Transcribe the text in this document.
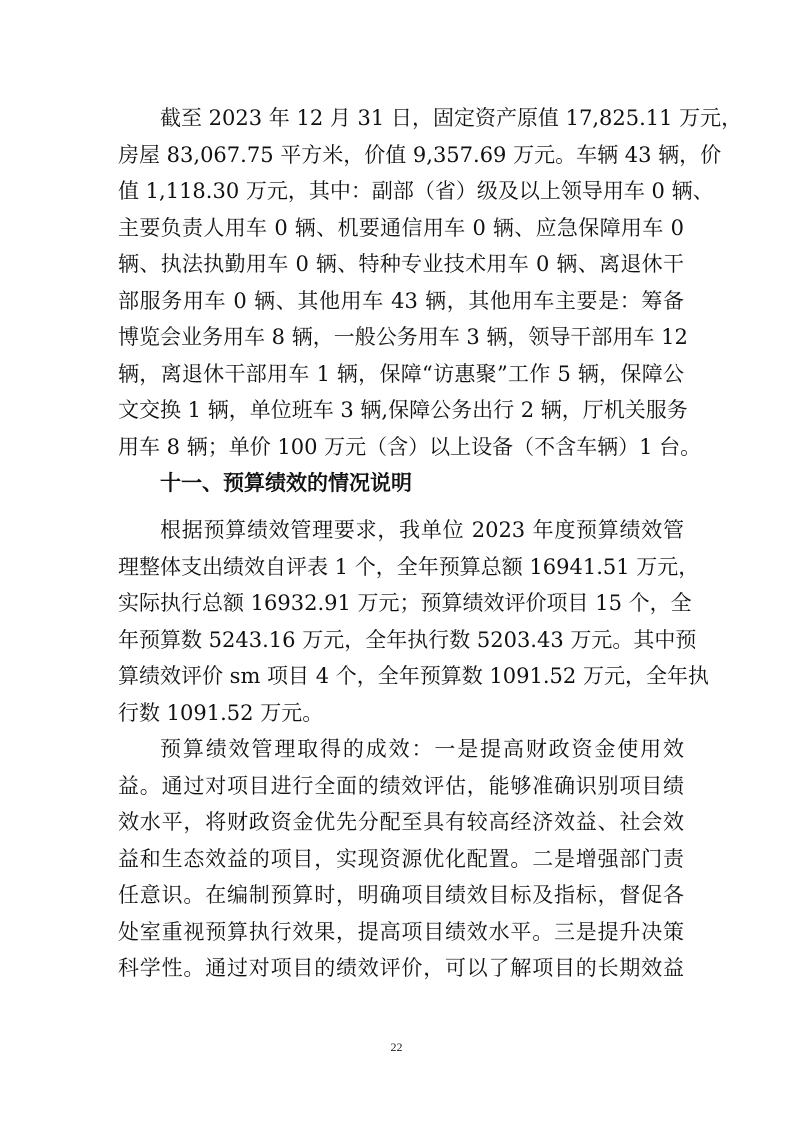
截至 2023 年 12 月 31 日，固定资产原值 17,825.11 万元，
房屋 83,067.75 平方米，价值 9,357.69 万元。车辆 43 辆，价
值 1,118.30 万元，其中：副部（省）级及以上领导用车 0 辆、
主要负责人用车 0 辆、机要通信用车 0 辆、应急保障用车 0
辆、执法执勤用车 0 辆、特种专业技术用车 0 辆、离退休干
部服务用车 0 辆、其他用车 43 辆，其他用车主要是：筹备
博览会业务用车 8 辆，一般公务用车 3 辆，领导干部用车 12
辆，离退休干部用车 1 辆，保障“访惠聚”工作 5 辆，保障公
文交换 1 辆，单位班车 3 辆,保障公务出行 2 辆，厅机关服务
用车 8 辆；单价 100 万元（含）以上设备（不含车辆）1 台。
十一、预算绩效的情况说明
根据预算绩效管理要求，我单位 2023 年度预算绩效管
理整体支出绩效自评表 1 个，全年预算总额 16941.51 万元，
实际执行总额 16932.91 万元；预算绩效评价项目 15 个，全
年预算数 5243.16 万元，全年执行数 5203.43 万元。其中预
算绩效评价 sm 项目 4 个，全年预算数 1091.52 万元，全年执
行数 1091.52 万元。
预算绩效管理取得的成效：一是提高财政资金使用效
益。通过对项目进行全面的绩效评估，能够准确识别项目绩
效水平，将财政资金优先分配至具有较高经济效益、社会效
益和生态效益的项目，实现资源优化配置。二是增强部门责
任意识。在编制预算时，明确项目绩效目标及指标，督促各
处室重视预算执行效果，提高项目绩效水平。三是提升决策
科学性。通过对项目的绩效评价，可以了解项目的长期效益
22
